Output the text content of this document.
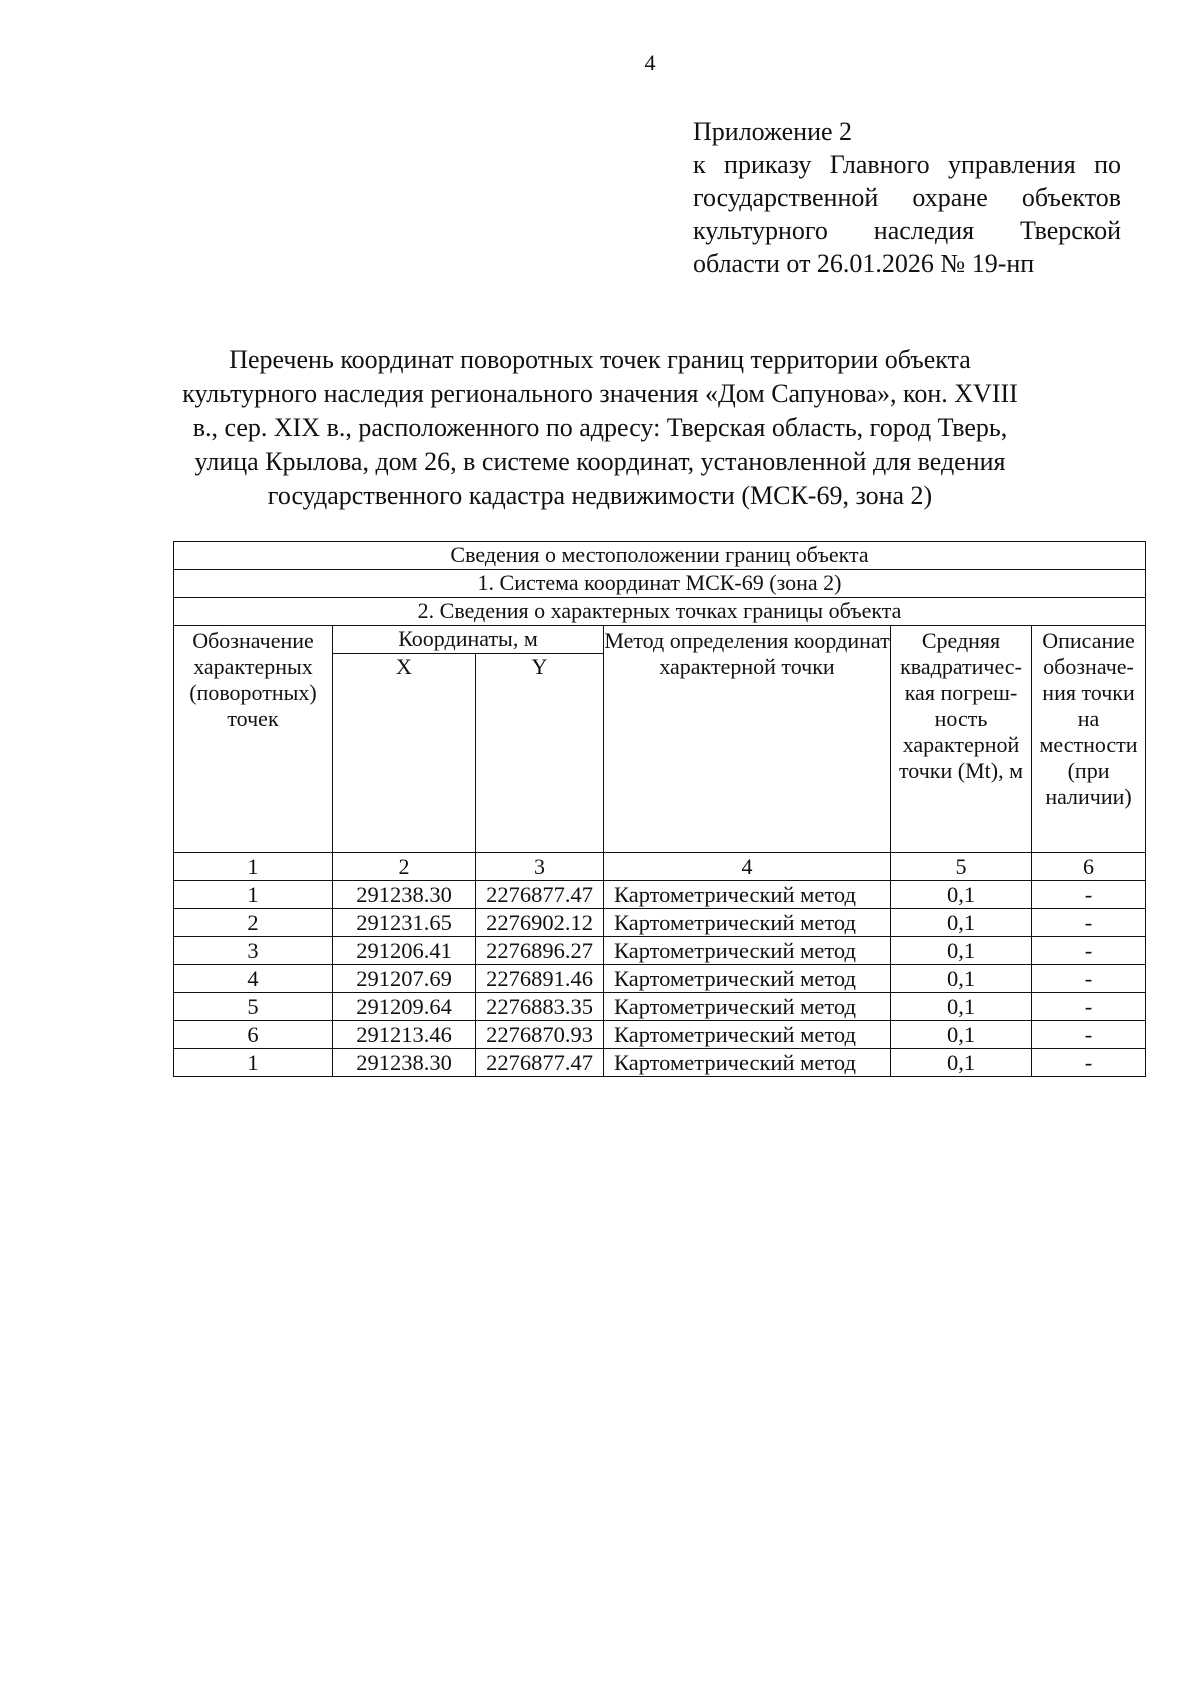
4
Приложение 2
к приказу Главного управления по
государственной охране объектов
культурного наследия Тверской
области от 26.01.2026 № 19-нп
Перечень координат поворотных точек границ территории объекта
культурного наследия регионального значения «Дом Сапунова», кон. XVIII
в., сер. XIX в., расположенного по адресу: Тверская область, город Тверь,
улица Крылова, дом 26, в системе координат, установленной для ведения
государственного кадастра недвижимости (МСК-69, зона 2)
Сведения о местоположении границ объекта					
1. Система координат МСК-69 (зона 2)					
2. Сведения о характерных точках границы объекта					

Обозначение характерных (поворотных) точек	Координаты, м		Метод определения координат характерной точки	Средняя квадратичес-кая погреш-ность характерной точки (Mt), м	Описание обозначе-ния точки на местности (при наличии)

	X	Y			
1	2	3	4	5	6
1	291238.30	2276877.47	Картометрический метод	0,1	-
2	291231.65	2276902.12	Картометрический метод	0,1	-
3	291206.41	2276896.27	Картометрический метод	0,1	-
4	291207.69	2276891.46	Картометрический метод	0,1	-
5	291209.64	2276883.35	Картометрический метод	0,1	-
6	291213.46	2276870.93	Картометрический метод	0,1	-
1	291238.30	2276877.47	Картометрический метод	0,1	-
